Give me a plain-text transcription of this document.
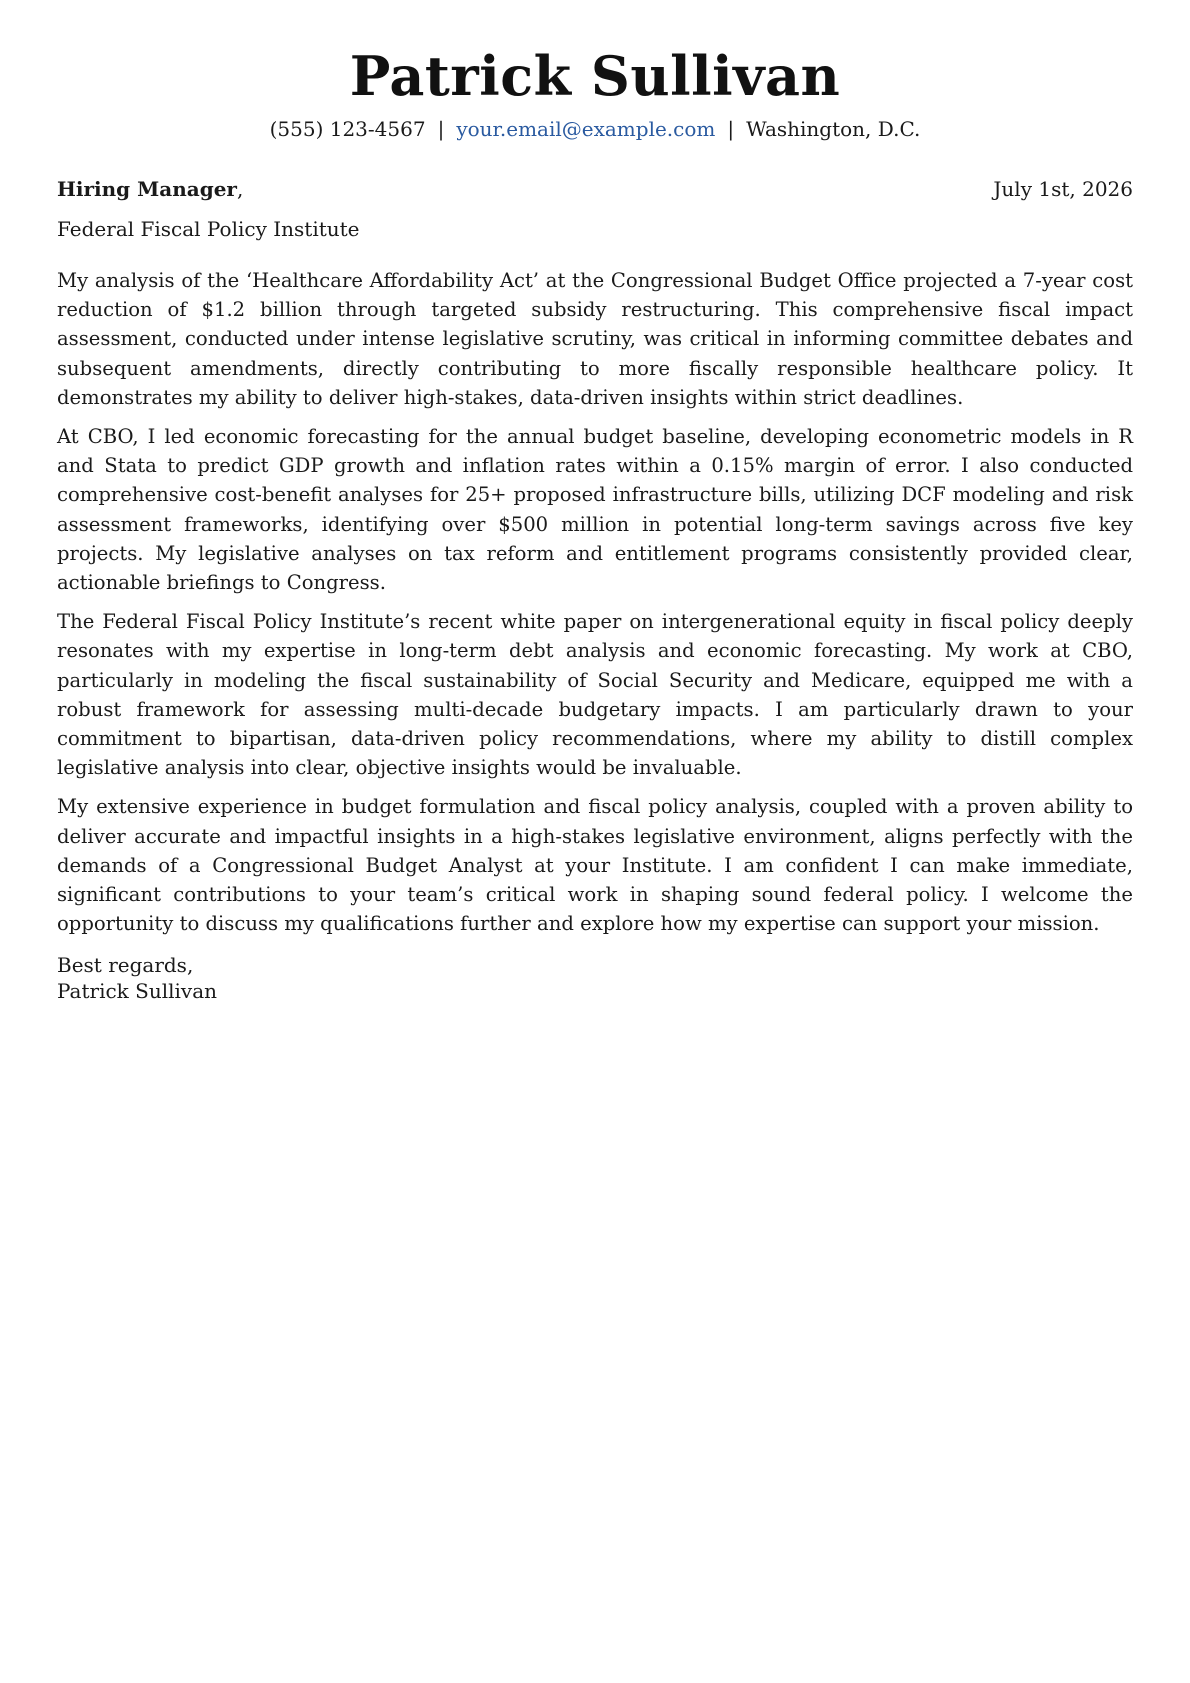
Patrick Sullivan
(555) 123-4567 | your.email@example.com | Washington, D.C.
Hiring Manager,	July 1st, 2026
Federal Fiscal Policy Institute

My analysis of the ‘Healthcare Affordability Act’ at the Congressional Budget Office projected a 7-year cost reduction of $1.2 billion through targeted subsidy restructuring. This comprehensive fiscal impact assessment, conducted under intense legislative scrutiny, was critical in informing committee debates and subsequent amendments, directly contributing to more fiscally responsible healthcare policy. It demonstrates my ability to deliver high-stakes, data-driven insights within strict deadlines.

At CBO, I led economic forecasting for the annual budget baseline, developing econometric models in R and Stata to predict GDP growth and inflation rates within a 0.15% margin of error. I also conducted comprehensive cost-benefit analyses for 25+ proposed infrastructure bills, utilizing DCF modeling and risk assessment frameworks, identifying over $500 million in potential long-term savings across five key projects. My legislative analyses on tax reform and entitlement programs consistently provided clear, actionable briefings to Congress.

The Federal Fiscal Policy Institute’s recent white paper on intergenerational equity in fiscal policy deeply resonates with my expertise in long-term debt analysis and economic forecasting. My work at CBO, particularly in modeling the fiscal sustainability of Social Security and Medicare, equipped me with a robust framework for assessing multi-decade budgetary impacts. I am particularly drawn to your commitment to bipartisan, data-driven policy recommendations, where my ability to distill complex legislative analysis into clear, objective insights would be invaluable.

My extensive experience in budget formulation and fiscal policy analysis, coupled with a proven ability to deliver accurate and impactful insights in a high-stakes legislative environment, aligns perfectly with the demands of a Congressional Budget Analyst at your Institute. I am confident I can make immediate, significant contributions to your team’s critical work in shaping sound federal policy. I welcome the opportunity to discuss my qualifications further and explore how my expertise can support your mission.

Best regards,
Patrick Sullivan
